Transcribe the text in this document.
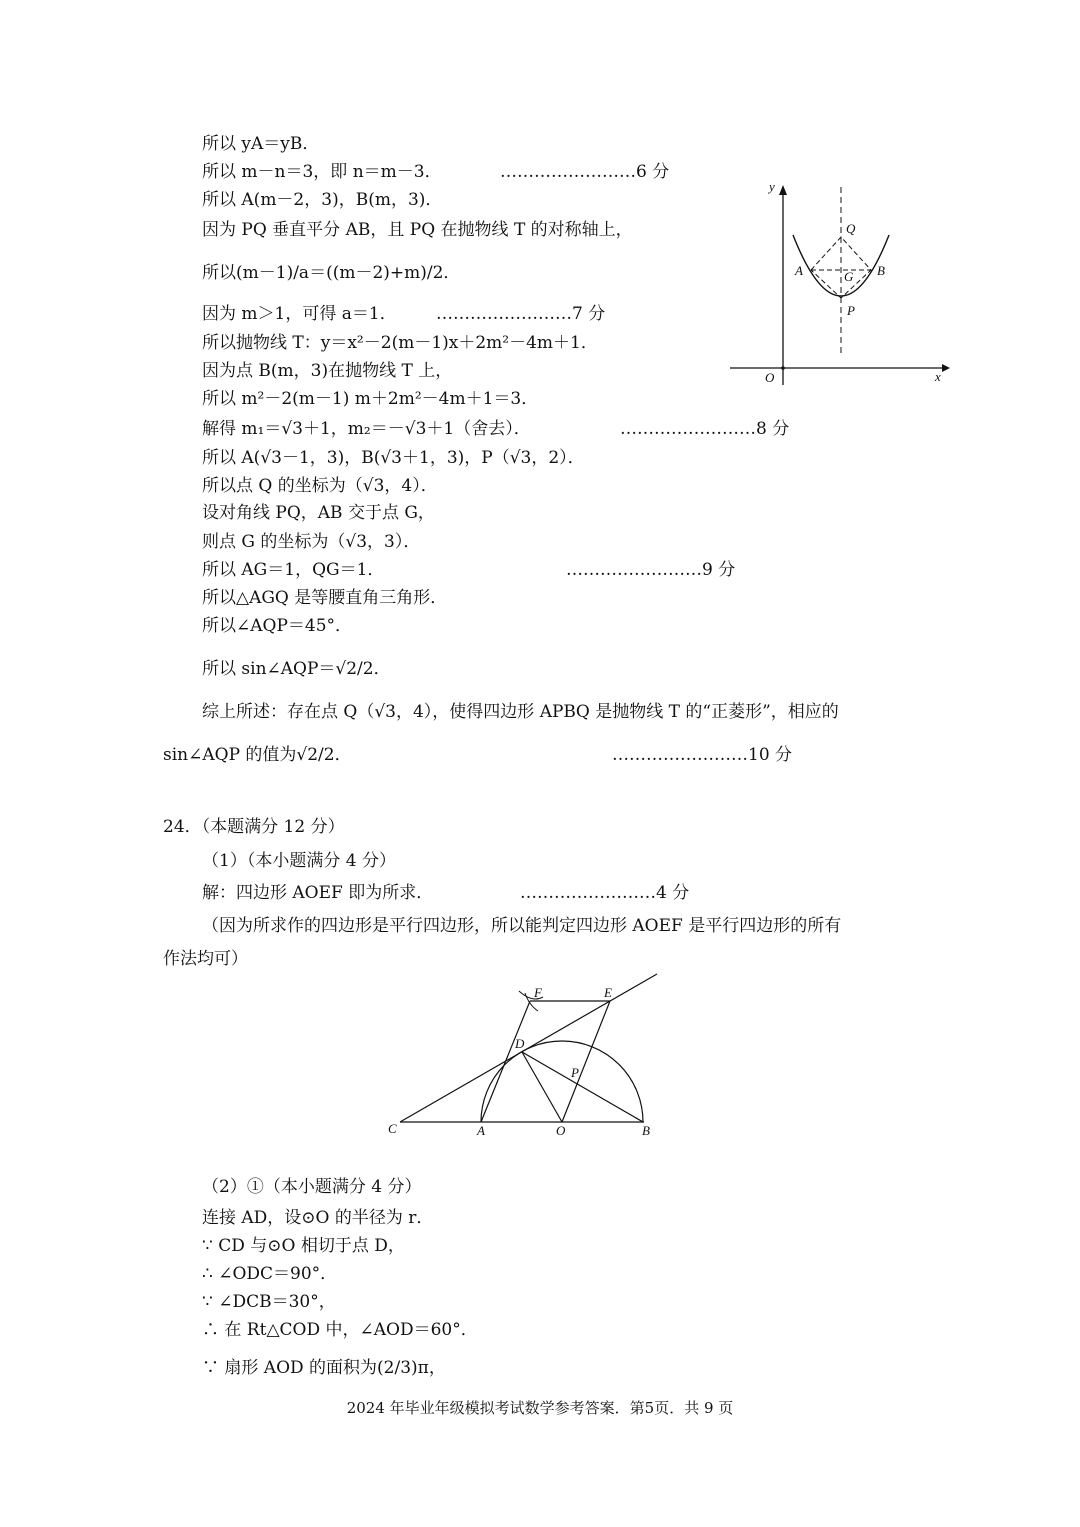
所以 yA＝yB．
所以 m－n＝3，即 n＝m－3．
所以 A(m－2，3)，B(m，3)．
因为 PQ 垂直平分 AB，且 PQ 在抛物线 T 的对称轴上，
所以(m－1)/a＝((m－2)+m)/2．
因为 m＞1，可得 a＝1．
所以抛物线 T：y＝x²－2(m－1)x＋2m²－4m＋1．
因为点 B(m，3)在抛物线 T 上，
所以 m²－2(m－1) m＋2m²－4m＋1＝3．
解得 m₁＝√3＋1，m₂＝－√3＋1（舍去）．
所以 A(√3－1，3)，B(√3＋1，3)，P（√3，2）．
所以点 Q 的坐标为（√3，4）．
设对角线 PQ，AB 交于点 G，
则点 G 的坐标为（√3，3）．
所以 AG＝1，QG＝1．
所以△AGQ 是等腰直角三角形．
所以∠AQP＝45°．
所以 sin∠AQP＝√2/2．
综上所述：存在点 Q（√3，4），使得四边形 APBQ 是抛物线 T 的“正菱形”，相应的
sin∠AQP 的值为√2/2．
24．（本题满分 12 分）
（1）（本小题满分 4 分）
解：四边形 AOEF 即为所求．
（因为所求作的四边形是平行四边形，所以能判定四边形 AOEF 是平行四边形的所有
作法均可）
（2）①（本小题满分 4 分）
连接 AD，设⊙O 的半径为 r．
∵ CD 与⊙O 相切于点 D，
∴ ∠ODC＝90°．
∵ ∠DCB＝30°，
∴ 在 Rt△COD 中，∠AOD＝60°．
∵ 扇形 AOD 的面积为(2/3)π，
……………………6 分
……………………7 分
……………………8 分
……………………9 分
……………………10 分
……………………4 分
y
x
O
Q
A	G B
P
F	E
D
P
C	A	O	B
2024 年毕业年级模拟考试数学参考答案．第5页．共 9 页
